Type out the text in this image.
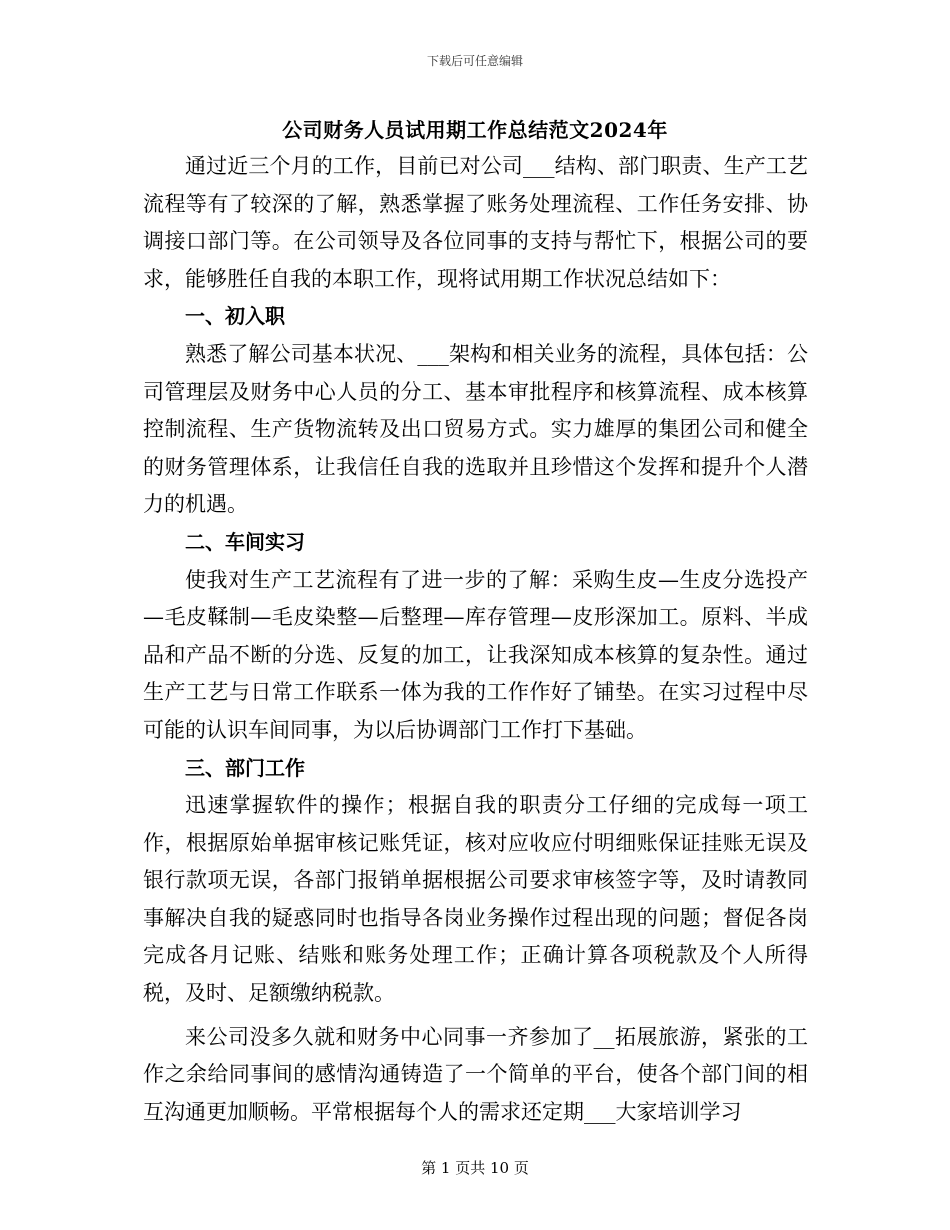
下载后可任意编辑
公司财务人员试用期工作总结范文2024年

通过近三个月的工作，目前已对公司___结构、部门职责、生产工艺流程等有了较深的了解，熟悉掌握了账务处理流程、工作任务安排、协调接口部门等。在公司领导及各位同事的支持与帮忙下，根据公司的要求，能够胜任自我的本职工作，现将试用期工作状况总结如下：

一、初入职

熟悉了解公司基本状况、___架构和相关业务的流程，具体包括：公司管理层及财务中心人员的分工、基本审批程序和核算流程、成本核算控制流程、生产货物流转及出口贸易方式。实力雄厚的集团公司和健全的财务管理体系，让我信任自我的选取并且珍惜这个发挥和提升个人潜力的机遇。

二、车间实习

使我对生产工艺流程有了进一步的了解：采购生皮—生皮分选投产—毛皮鞣制—毛皮染整—后整理—库存管理—皮形深加工。原料、半成品和产品不断的分选、反复的加工，让我深知成本核算的复杂性。通过生产工艺与日常工作联系一体为我的工作作好了铺垫。在实习过程中尽可能的认识车间同事，为以后协调部门工作打下基础。

三、部门工作

迅速掌握软件的操作；根据自我的职责分工仔细的完成每一项工作，根据原始单据审核记账凭证，核对应收应付明细账保证挂账无误及银行款项无误，各部门报销单据根据公司要求审核签字等，及时请教同事解决自我的疑惑同时也指导各岗业务操作过程出现的问题；督促各岗完成各月记账、结账和账务处理工作；正确计算各项税款及个人所得税，及时、足额缴纳税款。

来公司没多久就和财务中心同事一齐参加了__拓展旅游，紧张的工作之余给同事间的感情沟通铸造了一个简单的平台，使各个部门间的相互沟通更加顺畅。平常根据每个人的需求还定期___大家培训学习

第 1 页共 10 页
